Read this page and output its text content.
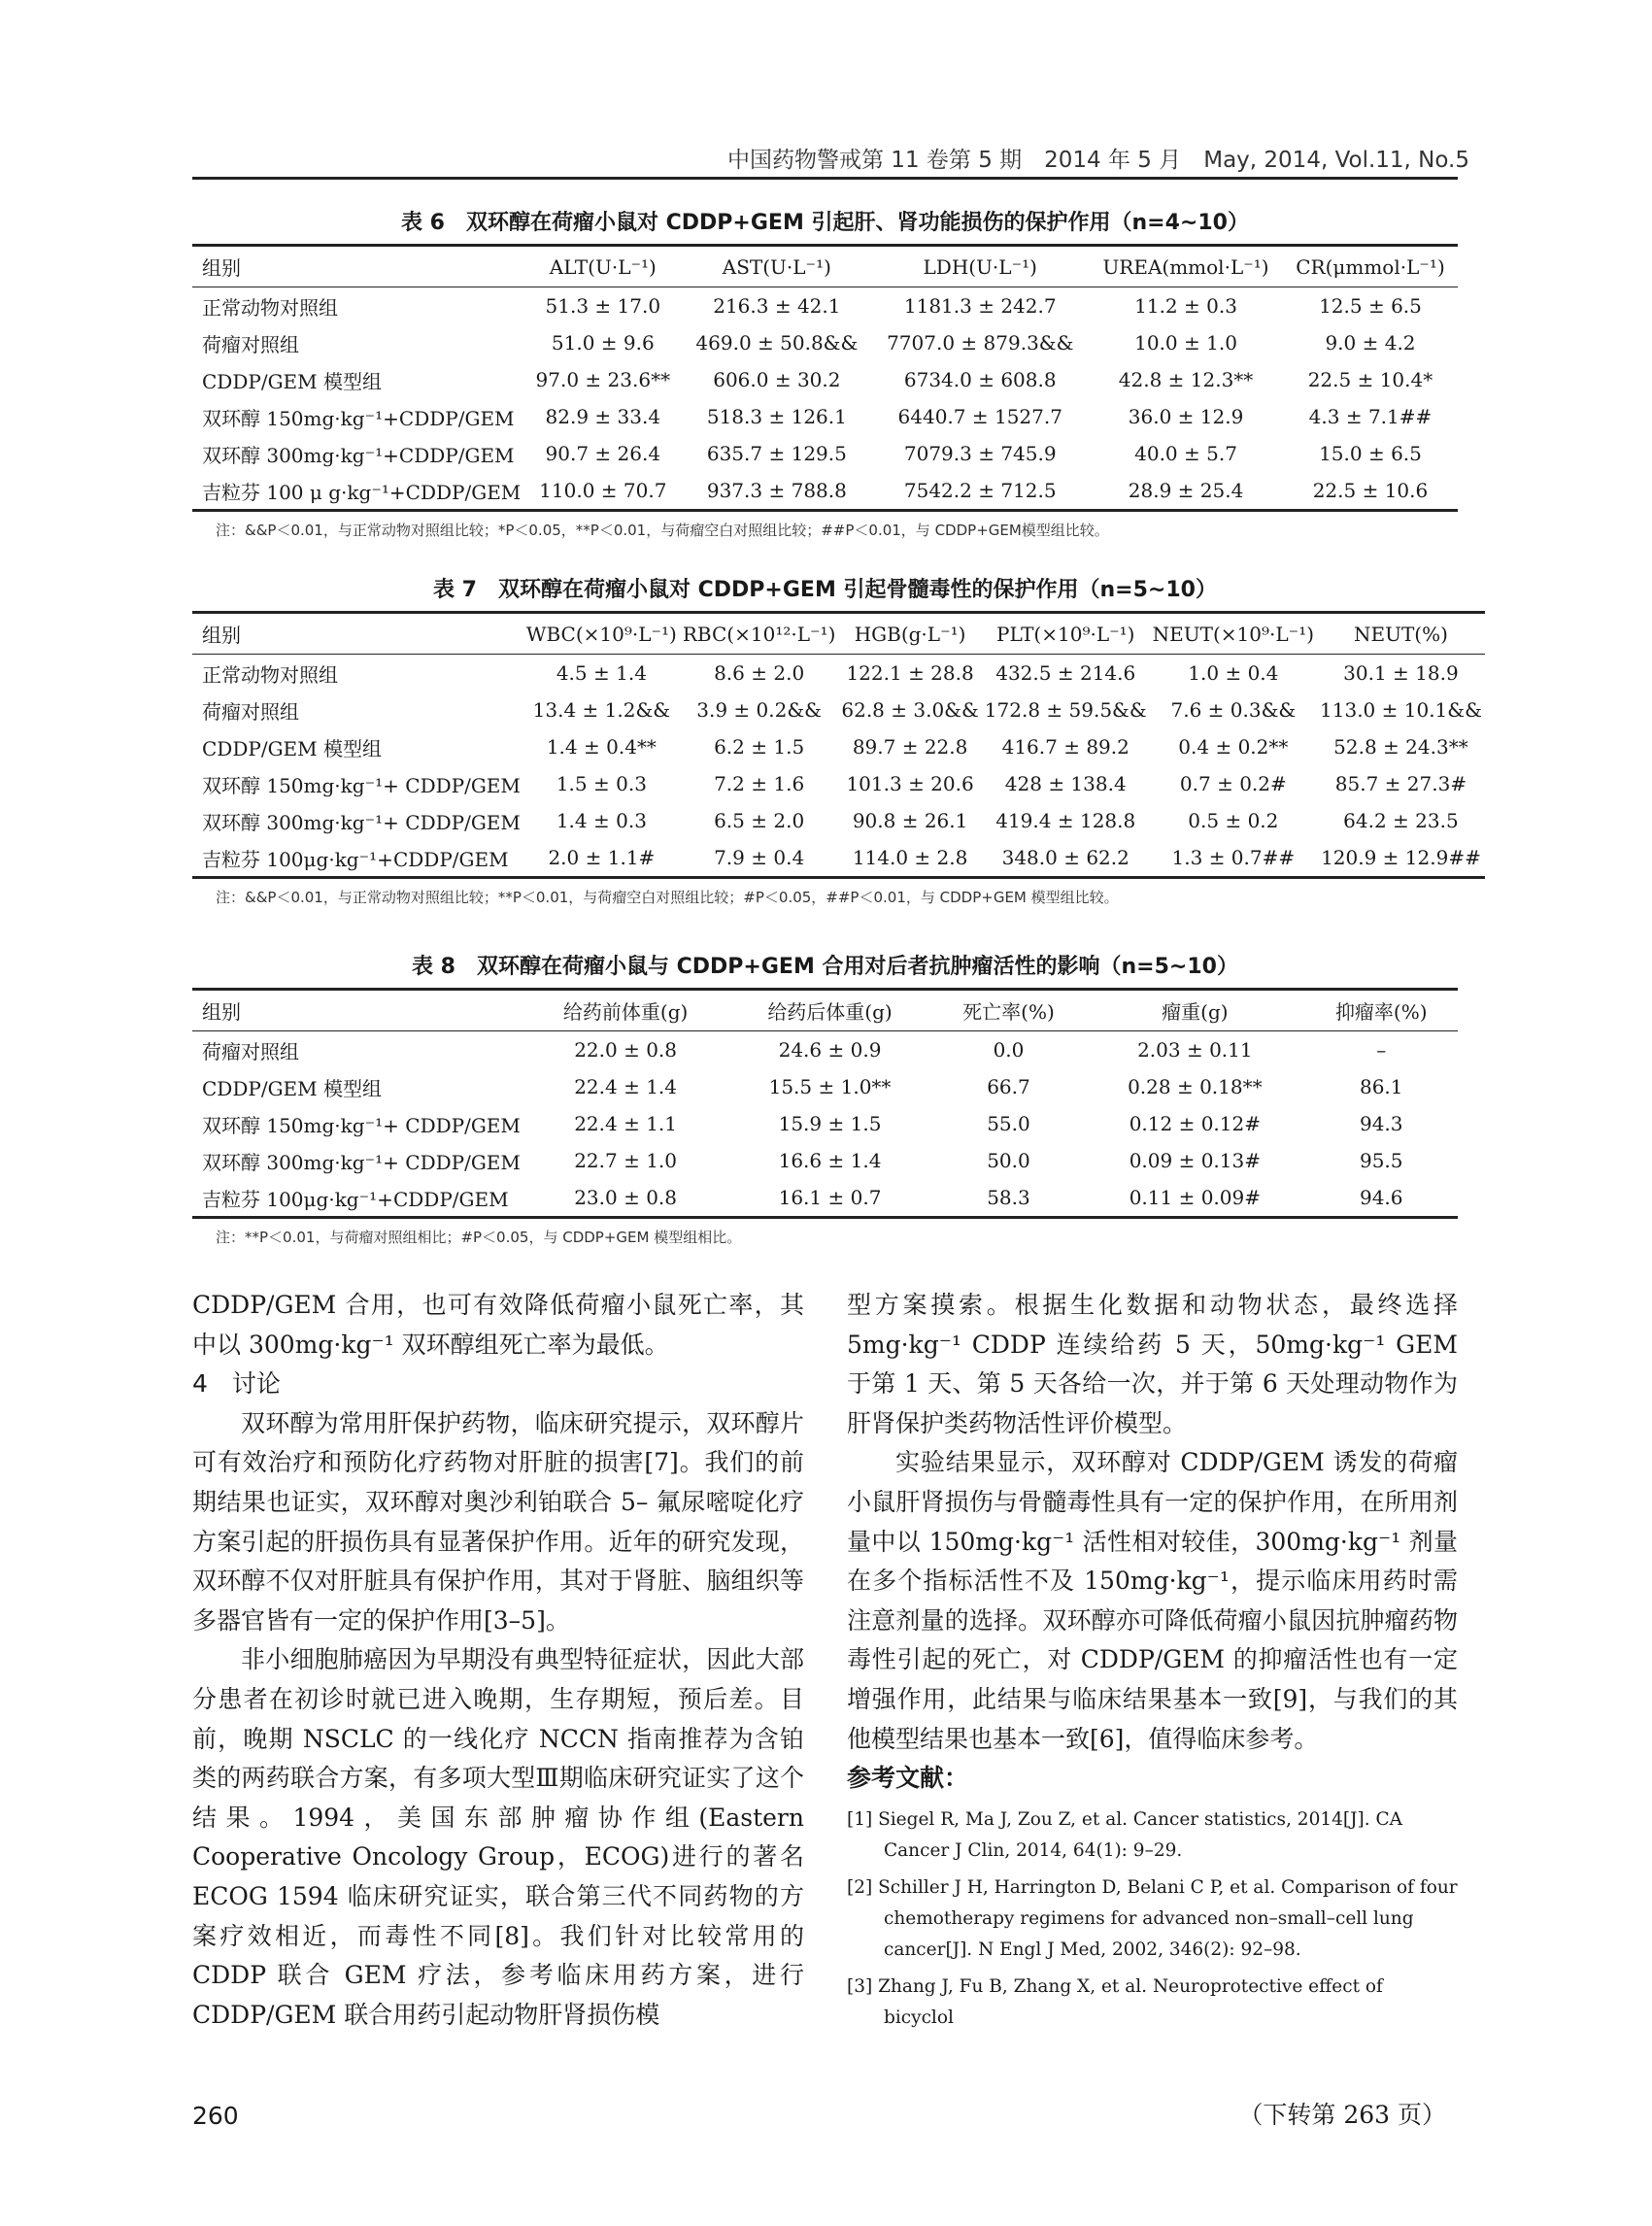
中国药物警戒第 11 卷第 5 期　2014 年 5 月　May, 2014, Vol.11, No.5
表 6　双环醇在荷瘤小鼠对 CDDP+GEM 引起肝、肾功能损伤的保护作用（n=4~10）
组别	ALT(U·L⁻¹)	AST(U·L⁻¹)	LDH(U·L⁻¹)	UREA(mmol·L⁻¹)	CR(μmmol·L⁻¹)
正常动物对照组	51.3 ± 17.0	216.3 ± 42.1	1181.3 ± 242.7	11.2 ± 0.3	12.5 ± 6.5
荷瘤对照组	51.0 ± 9.6	469.0 ± 50.8&&	7707.0 ± 879.3&&	10.0 ± 1.0	9.0 ± 4.2
CDDP/GEM 模型组	97.0 ± 23.6**	606.0 ± 30.2	6734.0 ± 608.8	42.8 ± 12.3**	22.5 ± 10.4*
双环醇 150mg·kg⁻¹+CDDP/GEM	82.9 ± 33.4	518.3 ± 126.1	6440.7 ± 1527.7	36.0 ± 12.9	4.3 ± 7.1##
双环醇 300mg·kg⁻¹+CDDP/GEM	90.7 ± 26.4	635.7 ± 129.5	7079.3 ± 745.9	40.0 ± 5.7	15.0 ± 6.5
吉粒芬 100 μ g·kg⁻¹+CDDP/GEM	110.0 ± 70.7	937.3 ± 788.8	7542.2 ± 712.5	28.9 ± 25.4	22.5 ± 10.6
注：&&P＜0.01，与正常动物对照组比较；*P＜0.05，**P＜0.01，与荷瘤空白对照组比较；##P＜0.01，与 CDDP+GEM模型组比较。
表 7　双环醇在荷瘤小鼠对 CDDP+GEM 引起骨髓毒性的保护作用（n=5~10）
组别	WBC(×10⁹·L⁻¹)	RBC(×10¹²·L⁻¹)	HGB(g·L⁻¹)	PLT(×10⁹·L⁻¹)	NEUT(×10⁹·L⁻¹)	NEUT(%)
正常动物对照组	4.5 ± 1.4	8.6 ± 2.0	122.1 ± 28.8	432.5 ± 214.6	1.0 ± 0.4	30.1 ± 18.9
荷瘤对照组	13.4 ± 1.2&&	3.9 ± 0.2&&	62.8 ± 3.0&&	172.8 ± 59.5&&	7.6 ± 0.3&&	113.0 ± 10.1&&
CDDP/GEM 模型组	1.4 ± 0.4**	6.2 ± 1.5	89.7 ± 22.8	416.7 ± 89.2	0.4 ± 0.2**	52.8 ± 24.3**
双环醇 150mg·kg⁻¹+ CDDP/GEM	1.5 ± 0.3	7.2 ± 1.6	101.3 ± 20.6	428 ± 138.4	0.7 ± 0.2#	85.7 ± 27.3#
双环醇 300mg·kg⁻¹+ CDDP/GEM	1.4 ± 0.3	6.5 ± 2.0	90.8 ± 26.1	419.4 ± 128.8	0.5 ± 0.2	64.2 ± 23.5
吉粒芬 100μg·kg⁻¹+CDDP/GEM	2.0 ± 1.1#	7.9 ± 0.4	114.0 ± 2.8	348.0 ± 62.2	1.3 ± 0.7##	120.9 ± 12.9##
注：&&P＜0.01，与正常动物对照组比较；**P＜0.01，与荷瘤空白对照组比较；#P＜0.05，##P＜0.01，与 CDDP+GEM 模型组比较。
表 8　双环醇在荷瘤小鼠与 CDDP+GEM 合用对后者抗肿瘤活性的影响（n=5~10）
组别	给药前体重(g)	给药后体重(g)	死亡率(%)	瘤重(g)	抑瘤率(%)
荷瘤对照组	22.0 ± 0.8	24.6 ± 0.9	0.0	2.03 ± 0.11	–
CDDP/GEM 模型组	22.4 ± 1.4	15.5 ± 1.0**	66.7	0.28 ± 0.18**	86.1
双环醇 150mg·kg⁻¹+ CDDP/GEM	22.4 ± 1.1	15.9 ± 1.5	55.0	0.12 ± 0.12#	94.3
双环醇 300mg·kg⁻¹+ CDDP/GEM	22.7 ± 1.0	16.6 ± 1.4	50.0	0.09 ± 0.13#	95.5
吉粒芬 100μg·kg⁻¹+CDDP/GEM	23.0 ± 0.8	16.1 ± 0.7	58.3	0.11 ± 0.09#	94.6
注：**P＜0.01，与荷瘤对照组相比；#P＜0.05，与 CDDP+GEM 模型组相比。

CDDP/GEM 合用，也可有效降低荷瘤小鼠死亡率，其中以 300mg·kg⁻¹ 双环醇组死亡率为最低。

4　讨论

双环醇为常用肝保护药物，临床研究提示，双环醇片可有效治疗和预防化疗药物对肝脏的损害[7]。我们的前期结果也证实，双环醇对奥沙利铂联合 5– 氟尿嘧啶化疗方案引起的肝损伤具有显著保护作用。近年的研究发现，双环醇不仅对肝脏具有保护作用，其对于肾脏、脑组织等多器官皆有一定的保护作用[3–5]。

非小细胞肺癌因为早期没有典型特征症状，因此大部分患者在初诊时就已进入晚期，生存期短，预后差。目前，晚期 NSCLC 的一线化疗 NCCN 指南推荐为含铂类的两药联合方案，有多项大型Ⅲ期临床研究证实了这个结果。1994，美国东部肿瘤协作组(Eastern Cooperative Oncology Group，ECOG)进行的著名 ECOG 1594 临床研究证实，联合第三代不同药物的方案疗效相近，而毒性不同[8]。我们针对比较常用的 CDDP 联合 GEM 疗法，参考临床用药方案，进行 CDDP/GEM 联合用药引起动物肝肾损伤模

型方案摸索。根据生化数据和动物状态，最终选择 5mg·kg⁻¹ CDDP 连续给药 5 天，50mg·kg⁻¹ GEM 于第 1 天、第 5 天各给一次，并于第 6 天处理动物作为肝肾保护类药物活性评价模型。

实验结果显示，双环醇对 CDDP/GEM 诱发的荷瘤小鼠肝肾损伤与骨髓毒性具有一定的保护作用，在所用剂量中以 150mg·kg⁻¹ 活性相对较佳，300mg·kg⁻¹ 剂量在多个指标活性不及 150mg·kg⁻¹，提示临床用药时需注意剂量的选择。双环醇亦可降低荷瘤小鼠因抗肿瘤药物毒性引起的死亡，对 CDDP/GEM 的抑瘤活性也有一定增强作用，此结果与临床结果基本一致[9]，与我们的其他模型结果也基本一致[6]，值得临床参考。

参考文献：

[1] Siegel R, Ma J, Zou Z, et al. Cancer statistics, 2014[J]. CA Cancer J Clin, 2014, 64(1): 9–29.

[2] Schiller J H, Harrington D, Belani C P, et al. Comparison of four chemotherapy regimens for advanced non–small–cell lung cancer[J]. N Engl J Med, 2002, 346(2): 92–98.

[3] Zhang J, Fu B, Zhang X, et al. Neuroprotective effect of bicyclol

（下转第 263 页）
260
